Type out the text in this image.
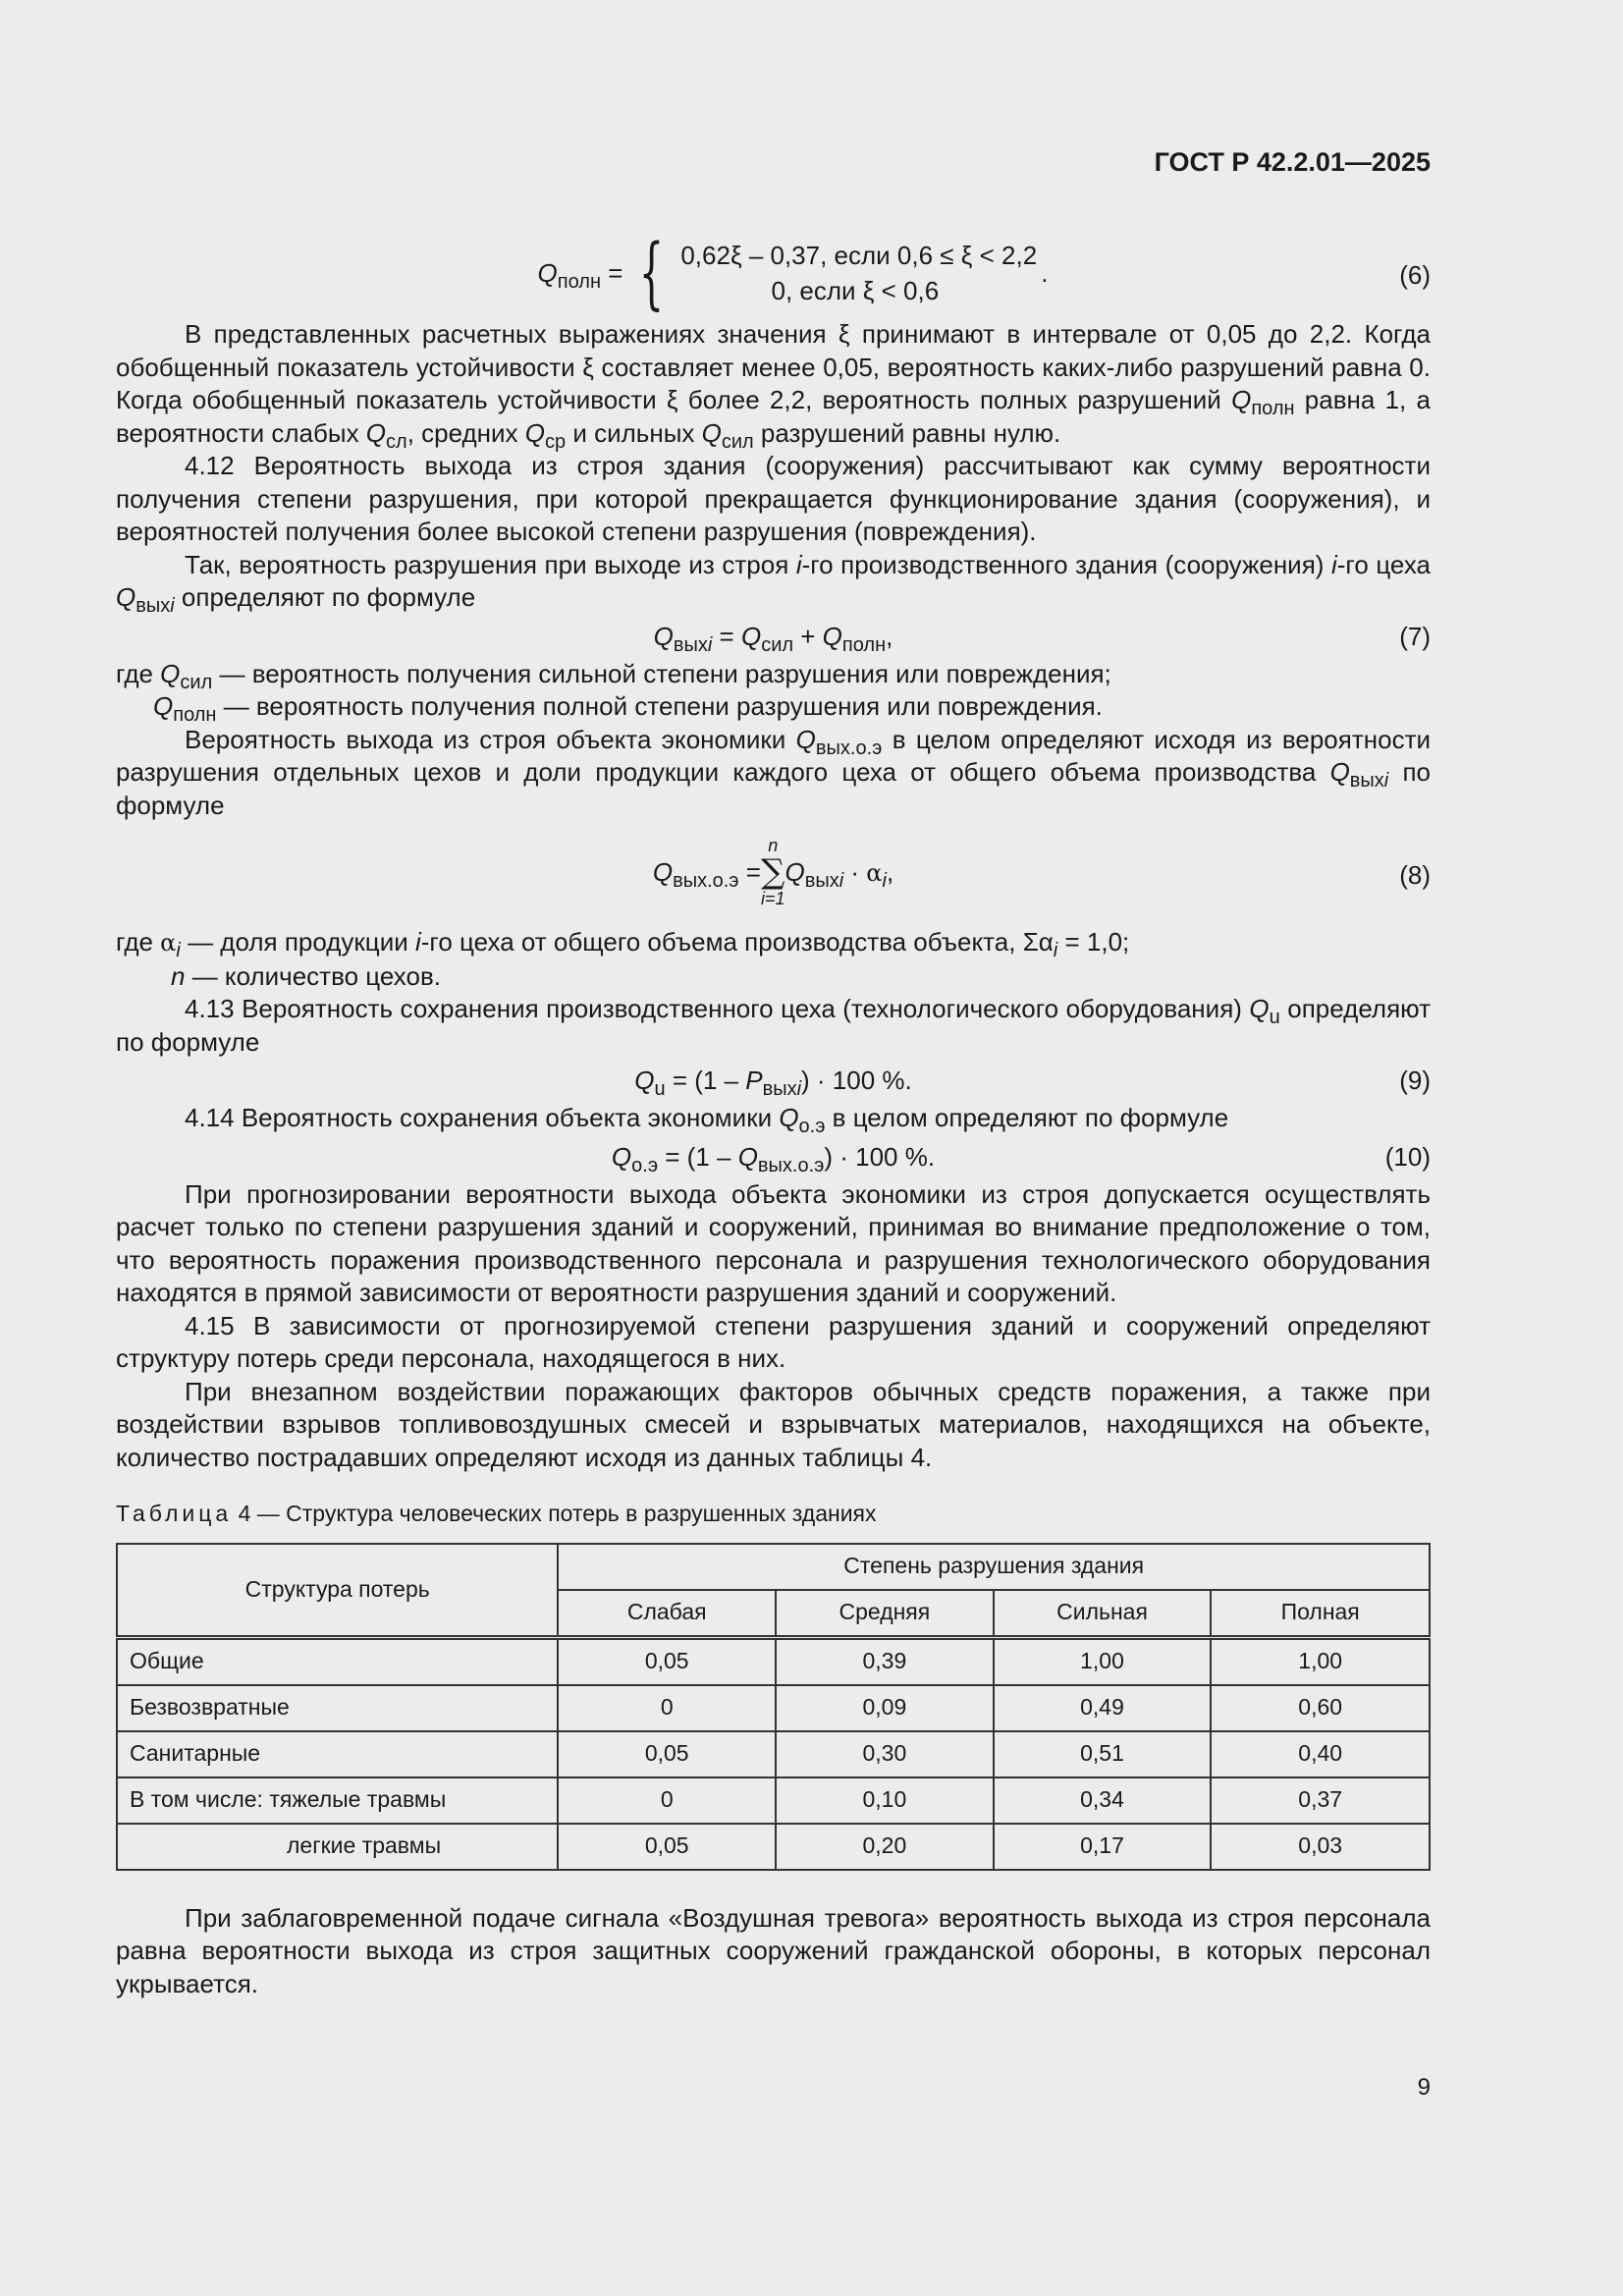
ГОСТ Р 42.2.01—2025
$Q_{полн}$ = { 0,62ξ – 0,37, если 0,6 ≤ ξ < 2,2
0, если ξ < 0,6
.	(6)

В представленных расчетных выражениях значения ξ принимают в интервале от 0,05 до 2,2. Когда обобщенный показатель устойчивости ξ составляет менее 0,05, вероятность каких-либо разрушений равна 0. Когда обобщенный показатель устойчивости ξ более 2,2, вероятность полных разрушений $Q_{полн}$ равна 1, а вероятности слабых $Q_{сл}$, средних $Q_{ср}$ и сильных $Q_{сил}$ разрушений равны нулю.

4.12 Вероятность выхода из строя здания (сооружения) рассчитывают как сумму вероятности получения степени разрушения, при которой прекращается функционирование здания (сооружения), и вероятностей получения более высокой степени разрушения (повреждения).

Так, вероятность разрушения при выходе из строя i-го производственного здания (сооружения) i-го цеха $Q_{выхi}$ определяют по формуле

$Q_{выхi} = Q_{сил} + Q_{полн}$,	(7)

где $Q_{сил}$ — вероятность получения сильной степени разрушения или повреждения;

$Q_{полн}$ — вероятность получения полной степени разрушения или повреждения.

Вероятность выхода из строя объекта экономики $Q_{вых.о.э}$ в целом определяют исходя из вероятности разрушения отдельных цехов и доли продукции каждого цеха от общего объема производства $Q_{выхi}$ по формуле

$Q_{вых.о.э}$ =
n
∑
i=1
$Q_{выхi} \cdot \alpha_i$,	(8)

где $\alpha_i$ — доля продукции i-го цеха от общего объема производства объекта, $\Sigma\alpha_i = 1,0$;

n — количество цехов.

4.13 Вероятность сохранения производственного цеха (технологического оборудования) $Q_u$ определяют по формуле

$Q_u = (1 - P_{выхi}) \cdot 100$ %.	(9)

4.14 Вероятность сохранения объекта экономики $Q_{о.э}$ в целом определяют по формуле

$Q_{о.э} = (1 - Q_{вых.о.э}) \cdot 100$ %.	(10)

При прогнозировании вероятности выхода объекта экономики из строя допускается осуществлять расчет только по степени разрушения зданий и сооружений, принимая во внимание предположение о том, что вероятность поражения производственного персонала и разрушения технологического оборудования находятся в прямой зависимости от вероятности разрушения зданий и сооружений.

4.15 В зависимости от прогнозируемой степени разрушения зданий и сооружений определяют структуру потерь среди персонала, находящегося в них.

При внезапном воздействии поражающих факторов обычных средств поражения, а также при воздействии взрывов топливовоздушных смесей и взрывчатых материалов, находящихся на объекте, количество пострадавших определяют исходя из данных таблицы 4.

Таблица 4 — Структура человеческих потерь в разрушенных зданиях
Структура потерь	Степень разрушения здания			
	Слабая	Средняя	Сильная	Полная
Общие	0,05	0,39	1,00	1,00
Безвозвратные	0	0,09	0,49	0,60
Санитарные	0,05	0,30	0,51	0,40
В том числе: тяжелые травмы	0	0,10	0,34	0,37
легкие травмы	0,05	0,20	0,17	0,03

При заблаговременной подаче сигнала «Воздушная тревога» вероятность выхода из строя персонала равна вероятности выхода из строя защитных сооружений гражданской обороны, в которых персонал укрывается.

9
